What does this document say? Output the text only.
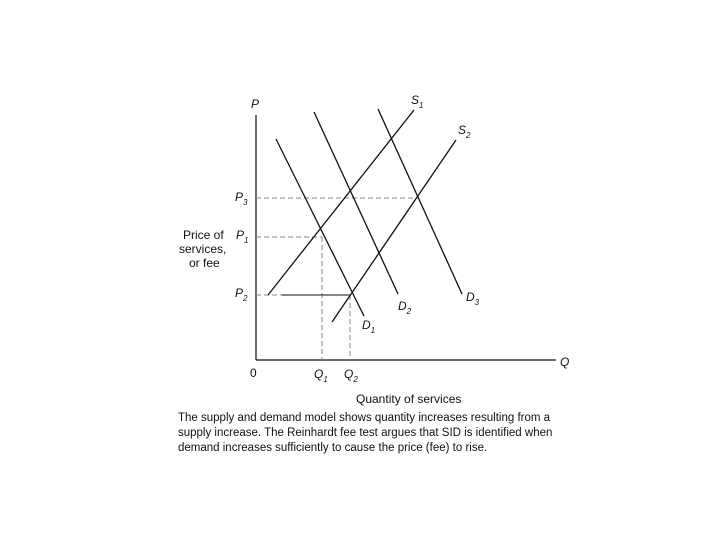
P
Q
0
Price of
services,
or fee
$P_3$
$P_1$
$P_2$
$Q_1$ $Q_2$
$S_1$
$S_2$
$D_1$
$D_2$
$D_3$
Quantity of services
The supply and demand model shows quantity increases resulting from a
supply increase. The Reinhardt fee test argues that SID is identified when
demand increases sufficiently to cause the price (fee) to rise.
